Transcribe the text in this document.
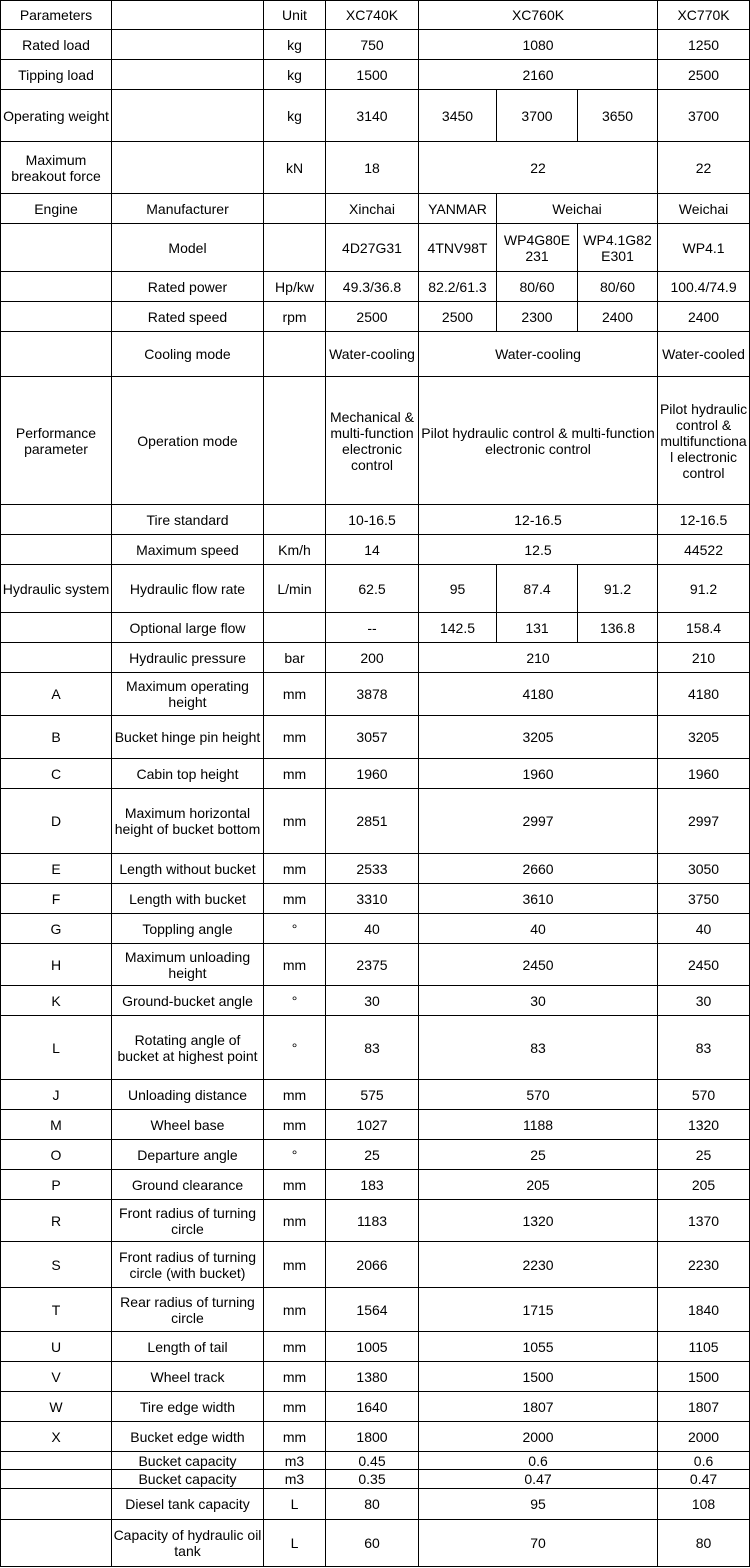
Parameters		Unit	XC740K	XC760K			XC770K
Rated load		kg	750	1080			1250
Tipping load		kg	1500	2160			2500
Operating weight		kg	3140	3450	3700	3650	3700
Maximum breakout force		kN	18	22			22
Engine	Manufacturer		Xinchai	YANMAR	Weichai		Weichai
	Model		4D27G31	4TNV98T	WP4G80E 231	WP4.1G82 E301	WP4.1
	Rated power	Hp/kw	49.3/36.8	82.2/61.3	80/60	80/60	100.4/74.9
	Rated speed	rpm	2500	2500	2300	2400	2400
	Cooling mode		Water-cooling	Water-cooling			Water-cooled
Performance parameter	Operation mode		Mechanical & multi-function electronic control	Pilot hydraulic control & multi-function electronic control			Pilot hydraulic control & multifunctional electronic control
	Tire standard		10-16.5	12-16.5			12-16.5
	Maximum speed	Km/h	14	12.5			44522
Hydraulic system	Hydraulic flow rate	L/min	62.5	95	87.4	91.2	91.2
	Optional large flow		--	142.5	131	136.8	158.4
	Hydraulic pressure	bar	200	210			210
A	Maximum operating height	mm	3878	4180			4180
B	Bucket hinge pin height	mm	3057	3205			3205
C	Cabin top height	mm	1960	1960			1960
D	Maximum horizontal height of bucket bottom	mm	2851	2997			2997
E	Length without bucket	mm	2533	2660			3050
F	Length with bucket	mm	3310	3610			3750
G	Toppling angle	°	40	40			40
H	Maximum unloading height	mm	2375	2450			2450
K	Ground-bucket angle	°	30	30			30
L	Rotating angle of bucket at highest point	°	83	83			83
J	Unloading distance	mm	575	570			570
M	Wheel base	mm	1027	1188			1320
O	Departure angle	°	25	25			25
P	Ground clearance	mm	183	205			205
R	Front radius of turning circle	mm	1183	1320			1370
S	Front radius of turning circle (with bucket)	mm	2066	2230			2230
T	Rear radius of turning circle	mm	1564	1715			1840
U	Length of tail	mm	1005	1055			1105
V	Wheel track	mm	1380	1500			1500
W	Tire edge width	mm	1640	1807			1807
X	Bucket edge width	mm	1800	2000			2000
	Bucket capacity	m3	0.45	0.6			0.6
	Bucket capacity	m3	0.35	0.47			0.47
	Diesel tank capacity	L	80	95			108
	Capacity of hydraulic oil tank	L	60	70			80
